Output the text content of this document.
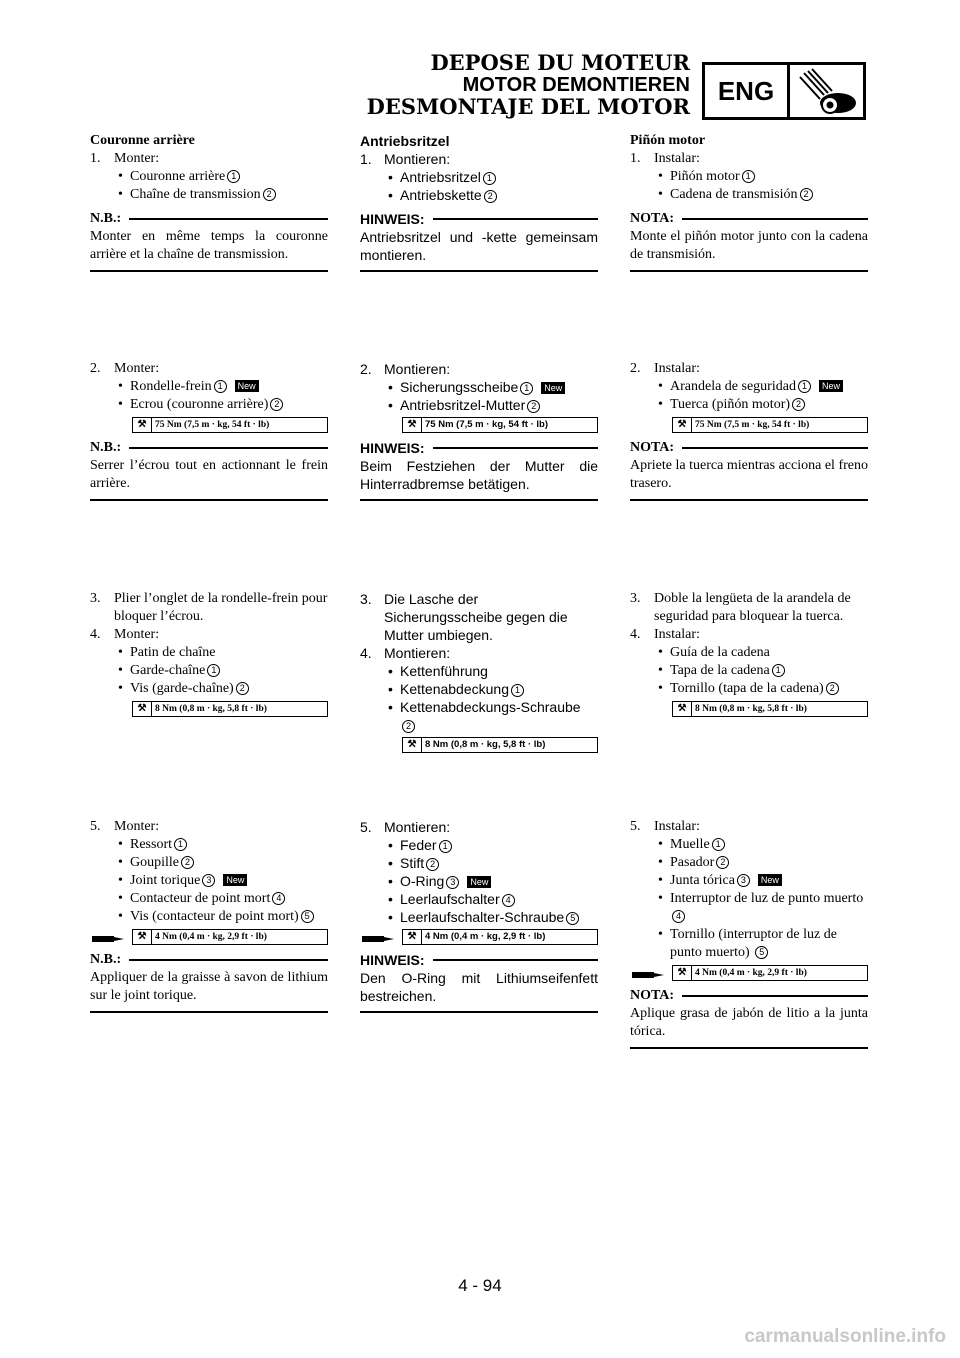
DEPOSE DU MOTEUR
MOTOR DEMONTIEREN
DESMONTAJE DEL MOTOR
ENG
Couronne arrière
1. Monter:
• Couronne arrière 1
• Chaîne de transmission 2
N.B.:
Monter en même temps la couronne arrière et la chaîne de transmission.
2. Monter:
• Rondelle-frein 1 New
• Ecrou (couronne arrière) 2
⚒ 75 Nm (7,5 m · kg, 54 ft · lb)
N.B.:
Serrer l’écrou tout en actionnant le frein arrière.
3. Plier l’onglet de la rondelle-frein pour bloquer l’écrou.
4. Monter:
• Patin de chaîne
• Garde-chaîne 1
• Vis (garde-chaîne) 2
⚒ 8 Nm (0,8 m · kg, 5,8 ft · lb)
5. Monter:
• Ressort 1
• Goupille 2
• Joint torique 3 New
• Contacteur de point mort 4
• Vis (contacteur de point mort) 5
⚒ 4 Nm (0,4 m · kg, 2,9 ft · lb)
N.B.:
Appliquer de la graisse à savon de lithium sur le joint torique.
Antriebsritzel
1. Montieren:
• Antriebsritzel 1
• Antriebskette 2
HINWEIS:
Antriebsritzel und -kette gemeinsam montieren.
2. Montieren:
• Sicherungsscheibe 1 New
• Antriebsritzel-Mutter 2
⚒ 75 Nm (7,5 m · kg, 54 ft · lb)
HINWEIS:
Beim Festziehen der Mutter die Hinterradbremse betätigen.
3. Die Lasche der Sicherungsscheibe gegen die Mutter umbiegen.
4. Montieren:
• Kettenführung
• Kettenabdeckung 1
• Kettenabdeckungs-Schraube 2
⚒ 8 Nm (0,8 m · kg, 5,8 ft · lb)
5. Montieren:
• Feder 1
• Stift 2
• O-Ring 3 New
• Leerlaufschalter 4
• Leerlaufschalter-Schraube 5
⚒ 4 Nm (0,4 m · kg, 2,9 ft · lb)
HINWEIS:
Den O-Ring mit Lithiumseifenfett bestreichen.
Piñón motor
1. Instalar:
• Piñón motor 1
• Cadena de transmisión 2
NOTA:
Monte el piñón motor junto con la cadena de transmisión.
2. Instalar:
• Arandela de seguridad 1 New
• Tuerca (piñón motor) 2
⚒ 75 Nm (7,5 m · kg, 54 ft · lb)
NOTA:
Apriete la tuerca mientras acciona el freno trasero.
3. Doble la lengüeta de la arandela de seguridad para bloquear la tuerca.
4. Instalar:
• Guía de la cadena
• Tapa de la cadena 1
• Tornillo (tapa de la cadena) 2
⚒ 8 Nm (0,8 m · kg, 5,8 ft · lb)
5. Instalar:
• Muelle 1
• Pasador 2
• Junta tórica 3 New
• Interruptor de luz de punto muerto 4
• Tornillo (interruptor de luz de punto muerto) 5
⚒ 4 Nm (0,4 m · kg, 2,9 ft · lb)
NOTA:
Aplique grasa de jabón de litio a la junta tórica.
4 - 94
carmanualsonline.info
